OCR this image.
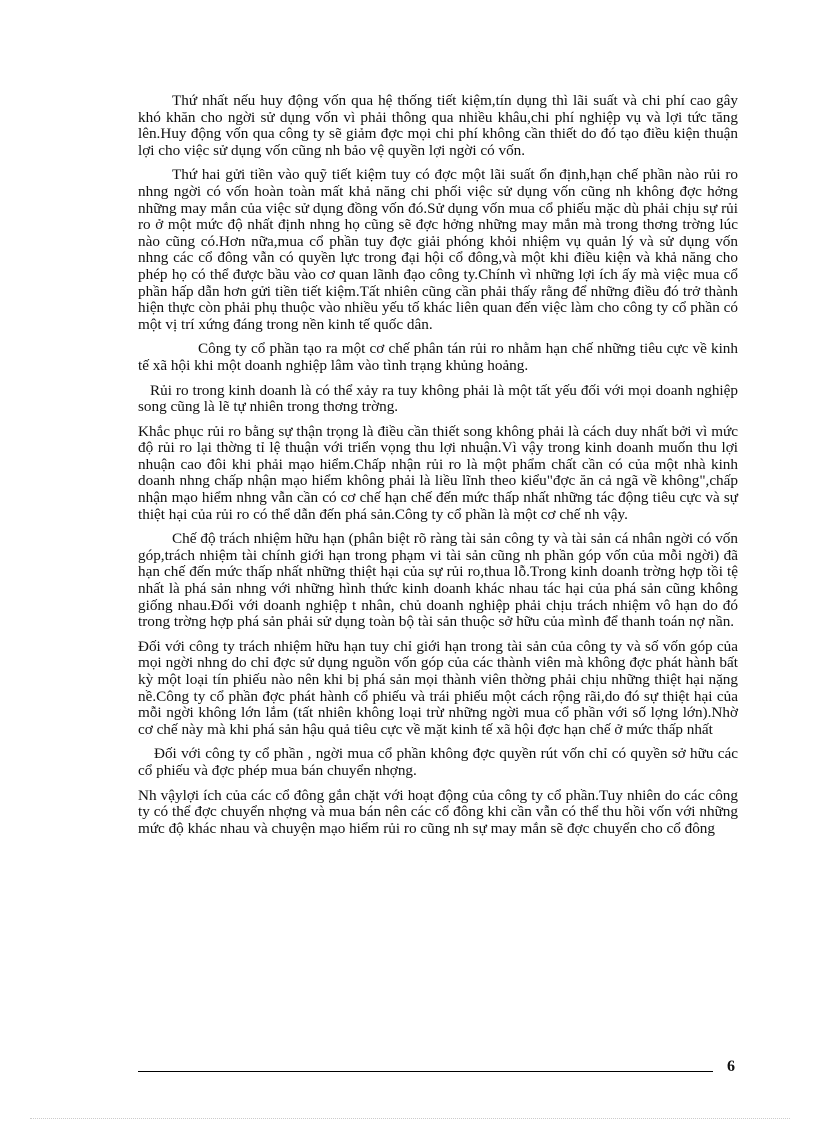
Thứ nhất nếu huy động vốn qua hệ thống tiết kiệm,tín dụng thì lãi suất và chi phí cao gây khó khăn cho ngời sử dụng vốn vì phải thông qua nhiều khâu,chi phí nghiệp vụ và lợi tức tăng lên.Huy động vốn qua công ty sẽ giảm đợc mọi chi phí không cần thiết do đó tạo điều kiện thuận lợi cho việc sử dụng vốn cũng nh bảo vệ quyền lợi ngời có vốn.

Thứ hai gửi tiền vào quỹ tiết kiệm tuy có đợc một lãi suất ổn định,hạn chế phần nào rủi ro nhng ngời có vốn hoàn toàn mất khả năng chi phối việc sử dụng vốn cũng nh không đợc hởng những may mắn của việc sử dụng đồng vốn đó.Sử dụng vốn mua cổ phiếu mặc dù phải chịu sự rủi ro ở một mức độ nhất định nhng họ cũng sẽ đợc hởng những may mắn mà trong thơng trờng lúc nào cũng có.Hơn nữa,mua cổ phần tuy đợc giải phóng khỏi nhiệm vụ quản lý và sử dụng vốn nhng các cổ đông vẫn có quyền lực trong đại hội cổ đông,và một khi điều kiện và khả năng cho phép họ có thể được bầu vào cơ quan lãnh đạo công ty.Chính vì những lợi ích ấy mà việc mua cổ phần hấp dẫn hơn gửi tiền tiết kiệm.Tất nhiên cũng cần phải thấy rằng để những điều đó trở thành hiện thực còn phải phụ thuộc vào nhiều yếu tố khác liên quan đến việc làm cho công ty cổ phần có một vị trí xứng đáng trong nền kinh tế quốc dân.

Công ty cổ phần tạo ra một cơ chế phân tán rủi ro nhằm hạn chế những tiêu cực về kinh tế xã hội khi một doanh nghiệp lâm vào tình trạng khủng hoảng.

Rủi ro trong kinh doanh là có thể xảy ra tuy không phải là một tất yếu đối với mọi doanh nghiệp song cũng là lẽ tự nhiên trong thơng trờng.

Khắc phục rủi ro bằng sự thận trọng là điều cần thiết song không phải là cách duy nhất bởi vì mức độ rủi ro lại thờng tỉ lệ thuận với triển vọng thu lợi nhuận.Vì vậy trong kinh doanh muốn thu lợi nhuận cao đôi khi phải mạo hiểm.Chấp nhận rủi ro là một phẩm chất cần có của một nhà kinh doanh nhng chấp nhận mạo hiểm không phải là liều lĩnh theo kiểu"đợc ăn cả ngã về không",chấp nhận mạo hiểm nhng vẫn cần có cơ chế hạn chế đến mức thấp nhất những tác động tiêu cực và sự thiệt hại của rủi ro có thể dẫn đến phá sản.Công ty cổ phần là một cơ chế nh vậy.

Chế độ trách nhiệm hữu hạn (phân biệt rõ ràng tài sản công ty và tài sản cá nhân ngời có vốn góp,trách nhiệm tài chính giới hạn trong phạm vi tài sản cũng nh phần góp vốn của mỗi ngời) đã hạn chế đến mức thấp nhất những thiệt hại của sự rủi ro,thua lỗ.Trong kinh doanh trờng hợp tồi tệ nhất là phá sản nhng với những hình thức kinh doanh khác nhau tác hại của phá sản cũng không giống nhau.Đối với doanh nghiệp t nhân, chủ doanh nghiệp phải chịu trách nhiệm vô hạn do đó trong trờng hợp phá sản phải sử dụng toàn bộ tài sản thuộc sở hữu của mình để thanh toán nợ nần.

Đối với công ty trách nhiệm hữu hạn tuy chỉ giới hạn trong tài sản của công ty và số vốn góp của mọi ngời nhng do chỉ đợc sử dụng nguồn vốn góp của các thành viên mà không đợc phát hành bất kỳ một loại tín phiếu nào nên khi bị phá sản mọi thành viên thờng phải chịu những thiệt hại nặng nề.Công ty cổ phần đợc phát hành cổ phiếu và trái phiếu một cách rộng rãi,do đó sự thiệt hại của mỗi ngời không lớn lắm (tất nhiên không loại trừ những ngời mua cổ phần với số lợng lớn).Nhờ cơ chế này mà khi phá sản hậu quả tiêu cực về mặt kinh tế xã hội đợc hạn chế ở mức thấp nhất

Đối với công ty cổ phần , ngời mua cổ phần không đợc quyền rút vốn chỉ có quyền sở hữu các cổ phiếu và đợc phép mua bán chuyển nhợng.

Nh vậylợi ích của các cổ đông gắn chặt với hoạt động của công ty cổ phần.Tuy nhiên do các công ty có thể đợc chuyển nhợng và mua bán nên các cổ đông khi cần vẫn có thể thu hồi vốn với những mức độ khác nhau và chuyện mạo hiểm rủi ro cũng nh sự may mắn sẽ đợc chuyển cho cổ đông

6
